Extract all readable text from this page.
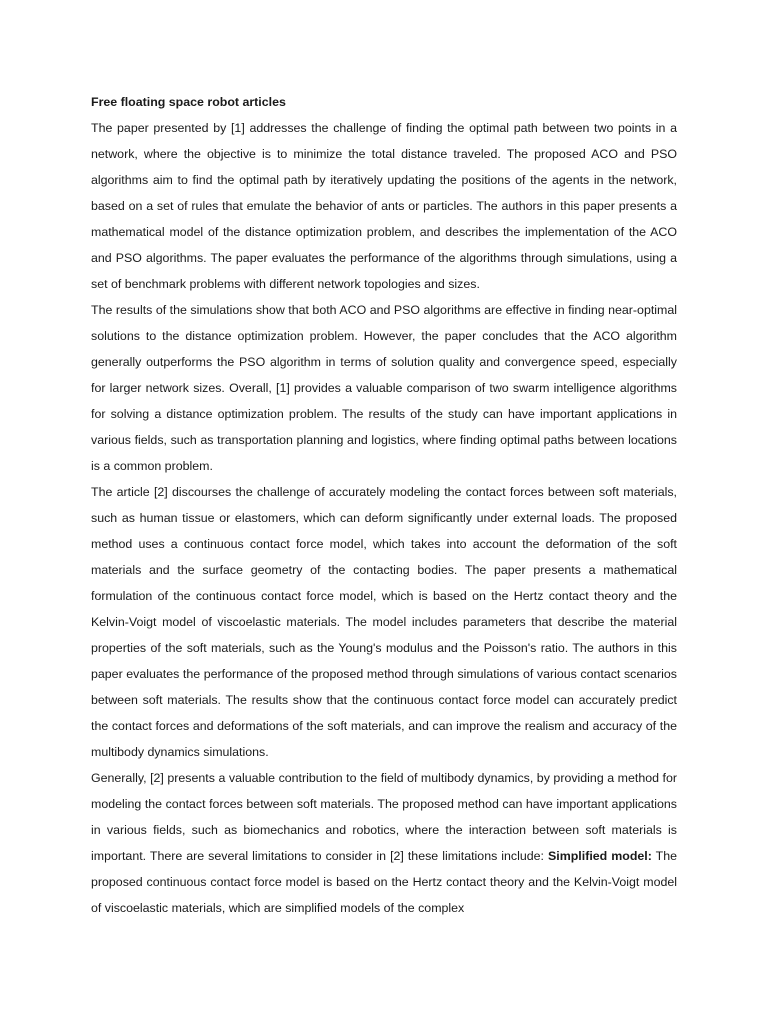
Free floating space robot articles

The paper presented by [1] addresses the challenge of finding the optimal path between two points in a network, where the objective is to minimize the total distance traveled. The proposed ACO and PSO algorithms aim to find the optimal path by iteratively updating the positions of the agents in the network, based on a set of rules that emulate the behavior of ants or particles. The authors in this paper presents a mathematical model of the distance optimization problem, and describes the implementation of the ACO and PSO algorithms. The paper evaluates the performance of the algorithms through simulations, using a set of benchmark problems with different network topologies and sizes.

The results of the simulations show that both ACO and PSO algorithms are effective in finding near-optimal solutions to the distance optimization problem. However, the paper concludes that the ACO algorithm generally outperforms the PSO algorithm in terms of solution quality and convergence speed, especially for larger network sizes. Overall, [1] provides a valuable comparison of two swarm intelligence algorithms for solving a distance optimization problem. The results of the study can have important applications in various fields, such as transportation planning and logistics, where finding optimal paths between locations is a common problem.

The article [2] discourses the challenge of accurately modeling the contact forces between soft materials, such as human tissue or elastomers, which can deform significantly under external loads. The proposed method uses a continuous contact force model, which takes into account the deformation of the soft materials and the surface geometry of the contacting bodies. The paper presents a mathematical formulation of the continuous contact force model, which is based on the Hertz contact theory and the Kelvin-Voigt model of viscoelastic materials. The model includes parameters that describe the material properties of the soft materials, such as the Young's modulus and the Poisson's ratio. The authors in this paper evaluates the performance of the proposed method through simulations of various contact scenarios between soft materials. The results show that the continuous contact force model can accurately predict the contact forces and deformations of the soft materials, and can improve the realism and accuracy of the multibody dynamics simulations.

Generally, [2] presents a valuable contribution to the field of multibody dynamics, by providing a method for modeling the contact forces between soft materials. The proposed method can have important applications in various fields, such as biomechanics and robotics, where the interaction between soft materials is important. There are several limitations to consider in [2] these limitations include: Simplified model: The proposed continuous contact force model is based on the Hertz contact theory and the Kelvin-Voigt model of viscoelastic materials, which are simplified models of the complex
